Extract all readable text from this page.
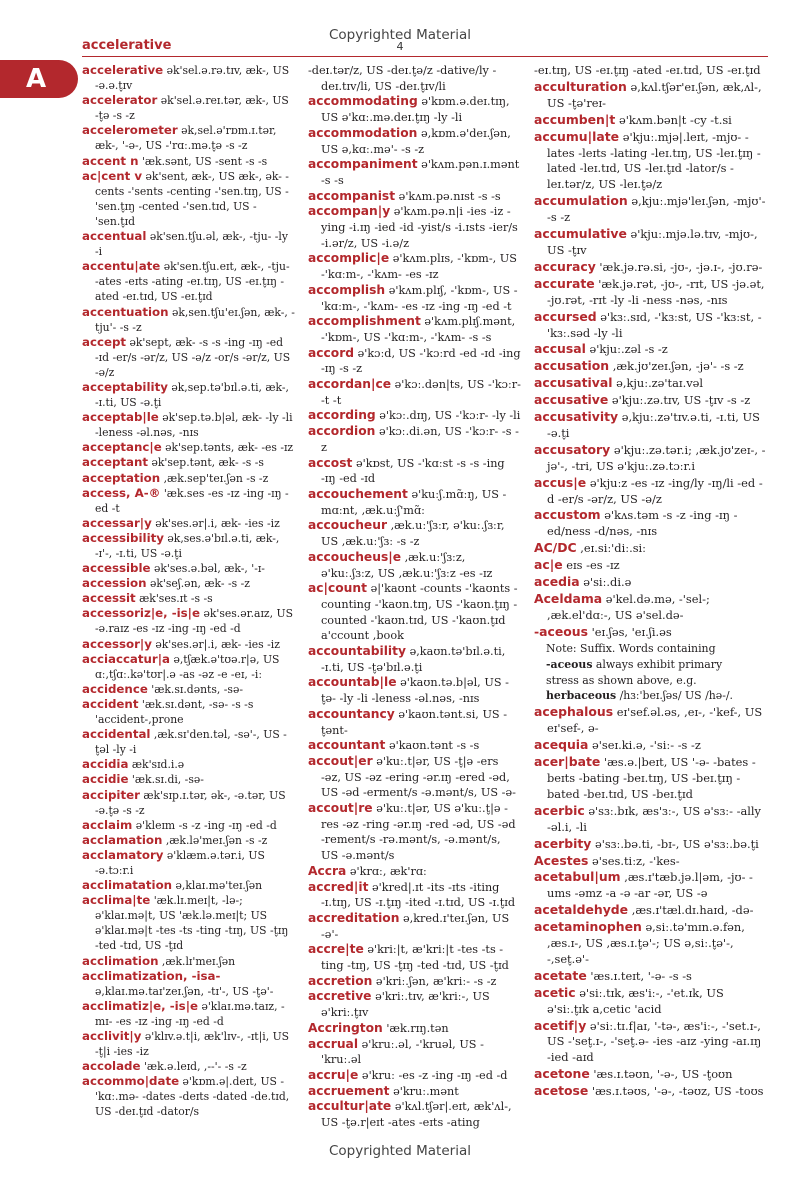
Copyrighted Material
4
accelerative
A	accelerative ək'sel.ə.rə.tɪv, æk-, US -ə.ə.t̬ɪv

accelerator ək'sel.ə.reɪ.tər, æk-, US -t̬ə -s -z

accelerometer ək,sel.ə'rɒm.ɪ.tər, æk-, '-ə-, US -'rɑː.mə.t̬ə -s -z

accent n 'æk.sənt, US -sent -s -s

ac|cent v ək'sent, æk-, US æk-, ək- -cents -'sents -centing -'sen.tɪŋ, US -'sen.t̬ɪŋ -cented -'sen.tɪd, US -'sen.t̬ɪd

accentual ək'sen.tʃu.əl, æk-, -tju- -ly -i

accentu|ate ək'sen.tʃu.eɪt, æk-, -tju- -ates -eɪts -ating -eɪ.tɪŋ, US -eɪ.t̬ɪŋ -ated -eɪ.tɪd, US -eɪ.t̬ɪd

accentuation ək,sen.tʃu'eɪ.ʃən, æk-, -tju'- -s -z

accept ək'sept, æk- -s -s -ing -ɪŋ -ed -ɪd -er/s -ər/z, US -ə/z -or/s -ər/z, US -ə/z

acceptability ək,sep.tə'bɪl.ə.ti, æk-, -ɪ.ti, US -ə.t̬i

acceptab|le ək'sep.tə.b|əl, æk- -ly -li -leness -əl.nəs, -nɪs

acceptanc|e ək'sep.tənts, æk- -es -ɪz

acceptant ək'sep.tənt, æk- -s -s

acceptation ,æk.sep'teɪ.ʃən -s -z

access, A-® 'æk.ses -es -ɪz -ing -ɪŋ -ed -t

accessar|y ək'ses.ər|.i, æk- -ies -iz

accessibility ək,ses.ə'bɪl.ə.ti, æk-, -ɪ'-, -ɪ.ti, US -ə.t̬i

accessible ək'ses.ə.bəl, æk-, '-ɪ-

accession ək'seʃ.ən, æk- -s -z

accessit æk'ses.ɪt -s -s

accessoriz|e, -is|e ək'ses.ər.aɪz, US -ə.raɪz -es -ɪz -ing -ɪŋ -ed -d

accessor|y ək'ses.ər|.i, æk- -ies -iz

acciaccatur|a ə,tʃæk.ə'tʊə.r|ə, US ɑː,tʃɑː.kə'tʊr|.ə -as -əz -e -eɪ, -iː

accidence 'æk.sɪ.dənts, -sə-

accident 'æk.sɪ.dənt, -sə- -s -s 'accident-,prone

accidental ,æk.sɪ'den.təl, -sə'-, US -t̬əl -ly -i

accidia æk'sɪd.i.ə

accidie 'æk.sɪ.di, -sə-

accipiter æk'sɪp.ɪ.tər, ək-, -ə.tər, US -ə.t̬ə -s -z

acclaim ə'kleɪm -s -z -ing -ɪŋ -ed -d

acclamation ,æk.lə'meɪ.ʃən -s -z

acclamatory ə'klæm.ə.tər.i, US -ə.tɔːr.i

acclimatation ə,klaɪ.mə'teɪ.ʃən

acclima|te 'æk.lɪ.meɪ|t, -lə-; ə'klaɪ.mə|t, US 'æk.lə.meɪ|t; US ə'klaɪ.mə|t -tes -ts -ting -tɪŋ, US -t̬ɪŋ -ted -tɪd, US -t̬ɪd

acclimation ,æk.lɪ'meɪ.ʃən

acclimatization, -isa- ə,klaɪ.mə.taɪ'zeɪ.ʃən, -tɪ'-, US -t̬ə'-

acclimatiz|e, -is|e ə'klaɪ.mə.taɪz, -mɪ- -es -ɪz -ing -ɪŋ -ed -d

acclivit|y ə'klɪv.ə.t|i, æk'lɪv-, -ɪt|i, US -t̬|i -ies -iz

accolade 'æk.ə.leɪd, ,--'- -s -z

accommo|date ə'kɒm.ə|.deɪt, US -'kɑː.mə- -dates -deɪts -dated -de.tɪd, US -deɪ.t̬ɪd -dator/s

-deɪ.tər/z, US -deɪ.t̬ə/z -dative/ly -deɪ.tɪv/li, US -deɪ.t̬ɪv/li

accommodating ə'kɒm.ə.deɪ.tɪŋ, US ə'kɑː.mə.deɪ.t̬ɪŋ -ly -li

accommodation ə,kɒm.ə'deɪ.ʃən, US ə,kɑː.mə'- -s -z

accompaniment ə'kʌm.pən.ɪ.mənt -s -s

accompanist ə'kʌm.pə.nɪst -s -s

accompan|y ə'kʌm.pə.n|i -ies -iz -ying -i.ɪŋ -ied -id -yist/s -i.ɪsts -ier/s -i.ər/z, US -i.ə/z

accomplic|e ə'kʌm.plɪs, -'kɒm-, US -'kɑːm-, -'kʌm- -es -ɪz

accomplish ə'kʌm.plɪʃ, -'kɒm-, US -'kɑːm-, -'kʌm- -es -ɪz -ing -ɪŋ -ed -t

accomplishment ə'kʌm.plɪʃ.mənt, -'kɒm-, US -'kɑːm-, -'kʌm- -s -s

accord ə'kɔːd, US -'kɔːrd -ed -ɪd -ing -ɪŋ -s -z

accordan|ce ə'kɔː.dən|ts, US -'kɔːr- -t -t

according ə'kɔː.dɪŋ, US -'kɔːr- -ly -li

accordion ə'kɔː.di.ən, US -'kɔːr- -s -z

accost ə'kɒst, US -'kɑːst -s -s -ing -ɪŋ -ed -ɪd

accouchement ə'kuːʃ.mɑ̃ːŋ, US -mɑːnt, ,æk.uːʃ'mɑ̃ː

accoucheur ,æk.uː'ʃɜːr, ə'kuː.ʃɜːr, US ,æk.uː'ʃɜː -s -z

accoucheus|e ,æk.uː'ʃɜːz, ə'kuː.ʃɜːz, US ,æk.uː'ʃɜːz -es -ɪz

ac|count ə|'kaʊnt -counts -'kaʊnts -counting -'kaʊn.tɪŋ, US -'kaʊn.t̬ɪŋ -counted -'kaʊn.tɪd, US -'kaʊn.t̬ɪd a'ccount ,book

accountability ə,kaʊn.tə'bɪl.ə.ti, -ɪ.ti, US -t̬ə'bɪl.ə.t̬i

accountab|le ə'kaʊn.tə.b|əl, US -t̬ə- -ly -li -leness -əl.nəs, -nɪs

accountancy ə'kaʊn.tənt.si, US -t̬ənt-

accountant ə'kaʊn.tənt -s -s

accout|er ə'kuː.t|ər, US -t̬|ə -ers -əz, US -əz -ering -ər.ɪŋ -ered -əd, US -əd -erment/s -ə.mənt/s, US -ə-

accout|re ə'kuː.t|ər, US ə'kuː.t̬|ə -res -əz -ring -ər.ɪŋ -red -əd, US -əd -rement/s -rə.mənt/s, -ə.mənt/s, US -ə.mənt/s

Accra ə'krɑː, æk'rɑː

accred|it ə'kred|.ɪt -its -ɪts -iting -ɪ.tɪŋ, US -ɪ.t̬ɪŋ -ited -ɪ.tɪd, US -ɪ.t̬ɪd

accreditation ə,kred.ɪ'teɪ.ʃən, US -ə'-

accre|te ə'kriː|t, æ'kriː|t -tes -ts -ting -tɪŋ, US -t̬ɪŋ -ted -tɪd, US -t̬ɪd

accretion ə'kriː.ʃən, æ'kriː- -s -z

accretive ə'kriː.tɪv, æ'kriː-, US ə'kriː.t̬ɪv

Accrington 'æk.rɪŋ.tən

accrual ə'kruː.əl, -'kruəl, US -'kruː.əl

accru|e ə'kruː -es -z -ing -ɪŋ -ed -d

accruement ə'kruː.mənt

accultur|ate ə'kʌl.tʃər|.eɪt, æk'ʌl-, US -t̬ə.r|eɪt -ates -eɪts -ating

-eɪ.tɪŋ, US -eɪ.t̬ɪŋ -ated -eɪ.tɪd, US -eɪ.t̬ɪd

acculturation ə,kʌl.tʃər'eɪ.ʃən, æk,ʌl-, US -t̬ə'reɪ-

accumben|t ə'kʌm.bən|t -cy -t.si

accumu|late ə'kjuː.mjə|.leɪt, -mjʊ- -lates -leɪts -lating -leɪ.tɪŋ, US -leɪ.t̬ɪŋ -lated -leɪ.tɪd, US -leɪ.t̬ɪd -lator/s -leɪ.tər/z, US -leɪ.t̬ə/z

accumulation ə,kjuː.mjə'leɪ.ʃən, -mjʊ'- -s -z

accumulative ə'kjuː.mjə.lə.tɪv, -mjʊ-, US -t̬ɪv

accuracy 'æk.jə.rə.si, -jʊ-, -jə.ɪ-, -jʊ.rə-

accurate 'æk.jə.rət, -jʊ-, -rɪt, US -jə.ət, -jʊ.rət, -rɪt -ly -li -ness -nəs, -nɪs

accursed ə'kɜː.sɪd, -'kɜːst, US -'kɜːst, -'kɜː.səd -ly -li

accusal ə'kjuː.zəl -s -z

accusation ,æk.jʊ'zeɪ.ʃən, -jə'- -s -z

accusatival ə,kjuː.zə'taɪ.vəl

accusative ə'kjuː.zə.tɪv, US -t̬ɪv -s -z

accusativity ə,kjuː.zə'tɪv.ə.ti, -ɪ.ti, US -ə.t̬i

accusatory ə'kjuː.zə.tər.i; ,æk.jʊ'zeɪ-, -jə'-, -tri, US ə'kjuː.zə.tɔːr.i

accus|e ə'kjuːz -es -ɪz -ing/ly -ɪŋ/li -ed -d -er/s -ər/z, US -ə/z

accustom ə'kʌs.təm -s -z -ing -ɪŋ -ed/ness -d/nəs, -nɪs

AC/DC ,eɪ.siː'diː.siː

ac|e eɪs -es -ɪz

acedia ə'siː.di.ə

Aceldama ə'kel.də.mə, -'sel-; ,æk.el'dɑː-, US ə'sel.də-

-aceous 'eɪ.ʃəs, 'eɪ.ʃi.əs

Note: Suffix. Words containing
-aceous always exhibit primary
stress as shown above, e.g.
herbaceous /hɜː'beɪ.ʃəs/ US /hə-/.

acephalous eɪ'sef.əl.əs, ,eɪ-, -'kef-, US eɪ'sef-, ə-

acequia ə'seɪ.ki.ə, -'siː- -s -z

acer|bate 'æs.ə.|beɪt, US '-ə- -bates -beɪts -bating -beɪ.tɪŋ, US -beɪ.t̬ɪŋ -bated -beɪ.tɪd, US -beɪ.t̬ɪd

acerbic ə'sɜː.bɪk, æs'ɜː-, US ə'sɜː- -ally -əl.i, -li

acerbity ə'sɜː.bə.ti, -bɪ-, US ə'sɜː.bə.t̬i

Acestes ə'ses.tiːz, -'kes-

acetabul|um ,æs.ɪ'tæb.jə.l|əm, -jʊ- -ums -əmz -a -ə -ar -ər, US -ə

acetaldehyde ,æs.ɪ'tæl.dɪ.haɪd, -də-

acetaminophen ə,siː.tə'mɪn.ə.fən, ,æs.ɪ-, US ,æs.ɪ.t̬ə'-; US ə,siː.t̬ə'-, -,set̬.ə'-

acetate 'æs.ɪ.teɪt, '-ə- -s -s

acetic ə'siː.tɪk, æs'iː-, -'et.ɪk, US ə'siː.t̬ɪk a,cetic 'acid

acetif|y ə'siː.tɪ.f|aɪ, '-tə-, æs'iː-, -'set.ɪ-, US -'set̬.ɪ-, -'set̬.ə- -ies -aɪz -ying -aɪ.ɪŋ -ied -aɪd

acetone 'æs.ɪ.təʊn, '-ə-, US -t̬oʊn

acetose 'æs.ɪ.təʊs, '-ə-, -təʊz, US -toʊs

Copyrighted Material
